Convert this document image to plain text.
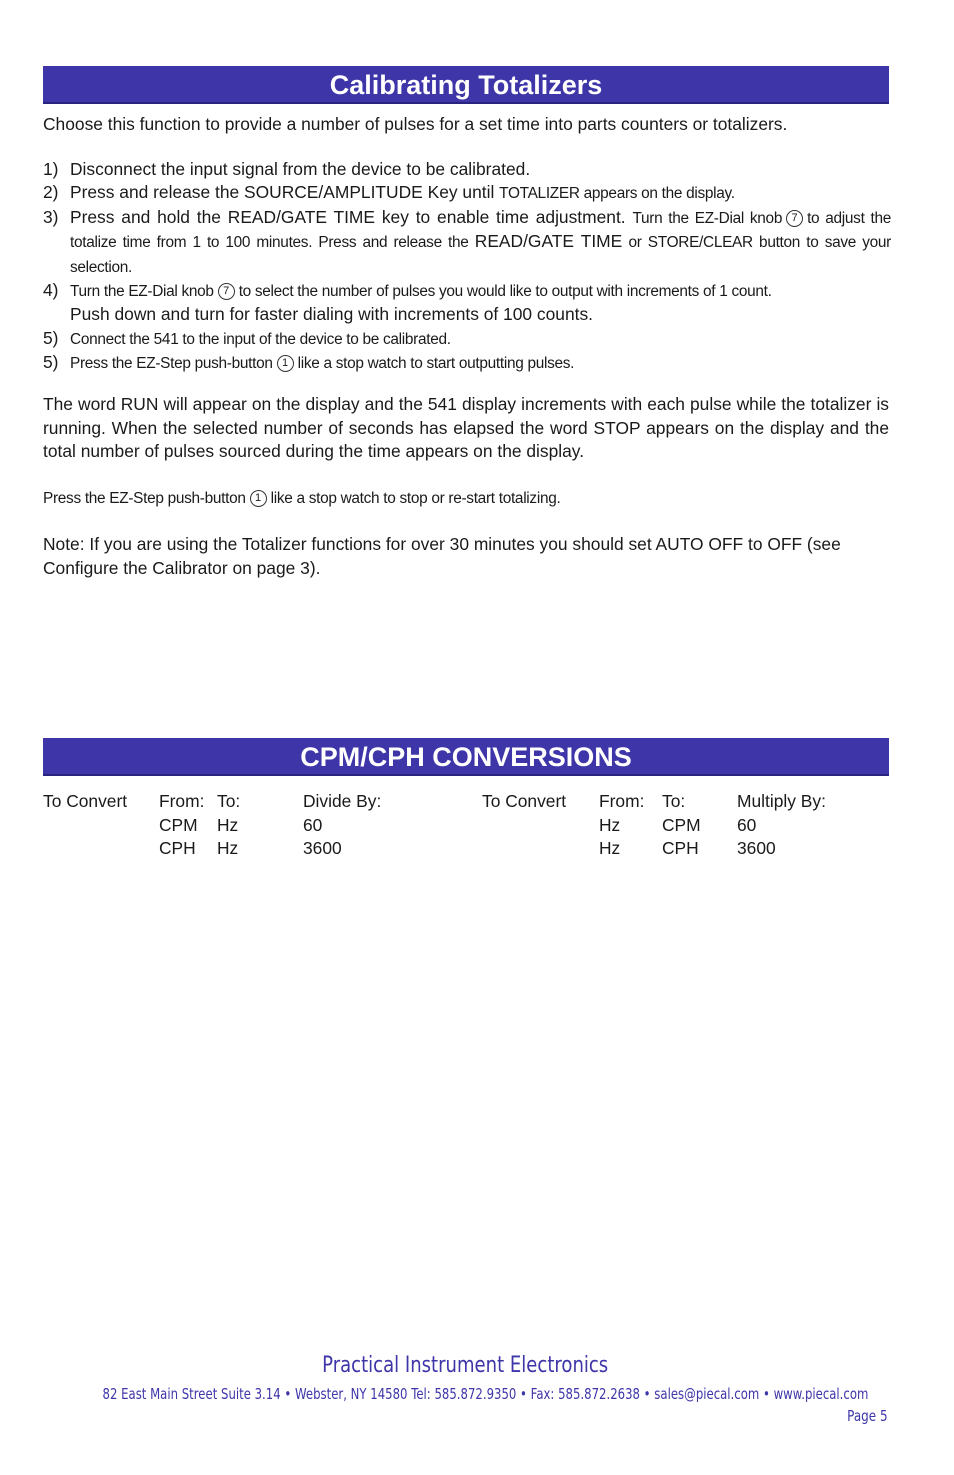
Calibrating Totalizers
Choose this function to provide a number of pulses for a set time into parts counters or totalizers.
1) Disconnect the input signal from the device to be calibrated.
2) Press and release the SOURCE/AMPLITUDE Key until TOTALIZER appears on the display.
3) Press and hold the READ/GATE TIME key to enable time adjustment. Turn the EZ-Dial knob 7 to adjust the totalize time from 1 to 100 minutes. Press and release the READ/GATE TIME or STORE/CLEAR button to save your selection.
4) Turn the EZ-Dial knob 7 to select the number of pulses you would like to output with increments of 1 count.
Push down and turn for faster dialing with increments of 100 counts.
5) Connect the 541 to the input of the device to be calibrated.
5) Press the EZ-Step push-button 1 like a stop watch to start outputting pulses.
The word RUN will appear on the display and the 541 display increments with each pulse while the totalizer is running. When the selected number of seconds has elapsed the word STOP appears on the display and the total number of pulses sourced during the time appears on the display.
Press the EZ-Step push-button 1 like a stop watch to stop or re-start totalizing.
Note: If you are using the Totalizer functions for over 30 minutes you should set AUTO OFF to OFF (see Configure the Calibrator on page 3).
CPM/CPH CONVERSIONS
To Convert From: To:	Divide By:
CPM Hz	60
CPH Hz	3600
To Convert From: To:	Multiply By:
Hz CPM 60
Hz CPH 3600
Practical Instrument Electronics
82 East Main Street Suite 3.14 • Webster, NY 14580 Tel: 585.872.9350 • Fax: 585.872.2638 • sales@piecal.com • www.piecal.com
Page 5
